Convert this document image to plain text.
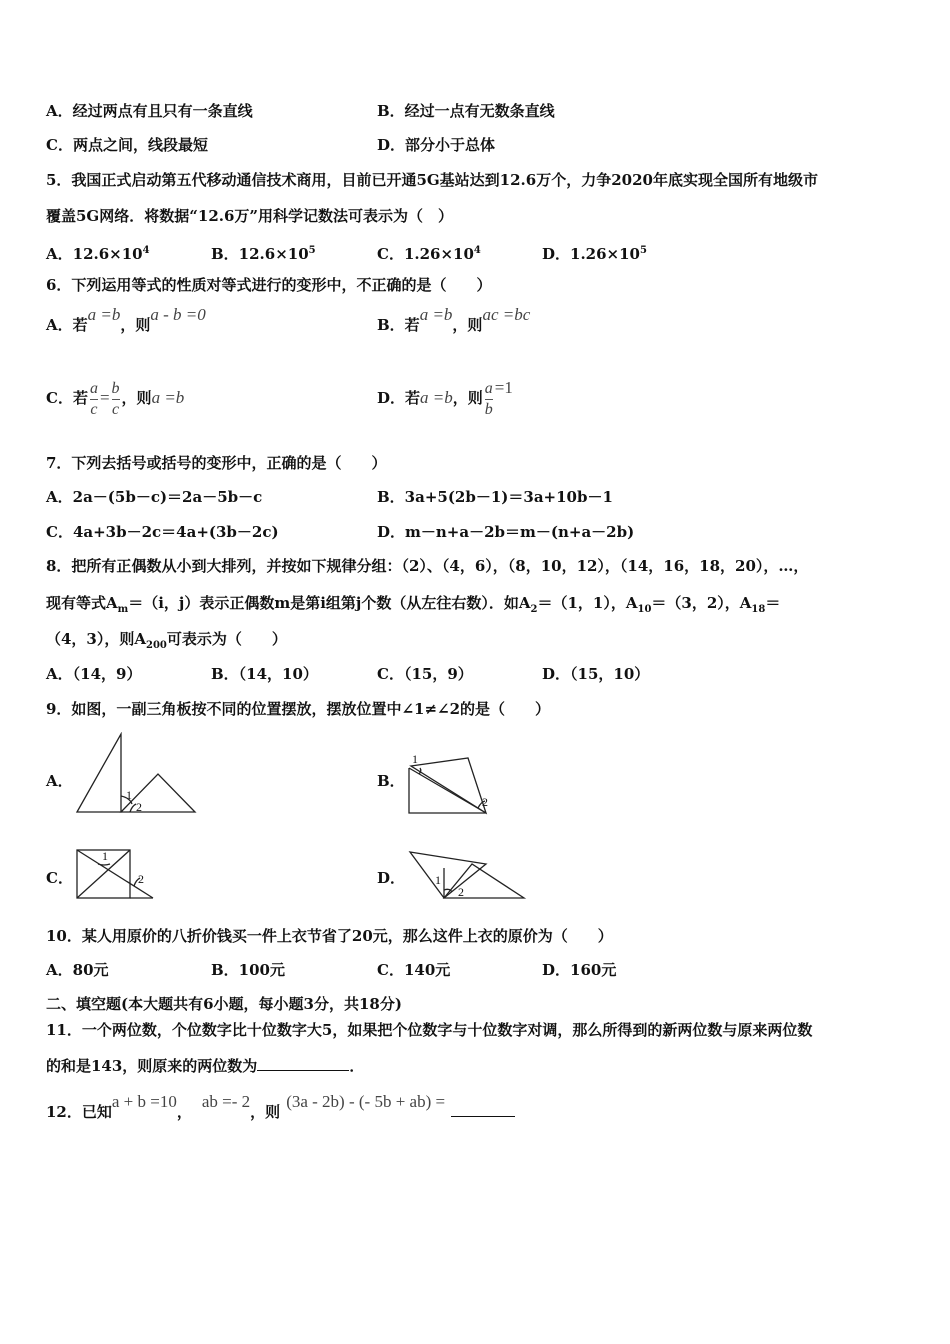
A．经过两点有且只有一条直线	B．经过一点有无数条直线
C．两点之间，线段最短	D．部分小于总体
5．我国正式启动第五代移动通信技术商用，目前已开通5G基站达到12.6万个，力争2020年底实现全国所有地级市
覆盖5G网络．将数据“12.6万”用科学记数法可表示为（　）
A．$12.6\times 10^4$	B．$12.6\times 10^5$	C．$1.26\times 10^4$	D．$1.26\times 10^5$
6．下列运用等式的性质对等式进行的变形中，不正确的是（　　）
A．若a =b，则a - b =0
B．若a =b，则ac =bc
C．若 $\frac{a}{c} = \frac{b}{c}$ ，则a =b	D．若a =b，则 $\frac{a}{b} =1$
7．下列去括号或括号的变形中，正确的是（　　）
A．2a－(5b－c)＝2a－5b－c	B．3a+5(2b－1)＝3a+10b－1
C．4a+3b－2c＝4a+(3b－2c)	D．m－n+a－2b＝m－(n+a－2b)
8．把所有正偶数从小到大排列，并按如下规律分组：（2）、（4，6），（8，10，12），（14，16，18，20），…，
现有等式$A_m=(i$，j）表示正偶数m是第i组第j个数（从左往右数）．如$A_2=(1$，1），$A_{10}=(3$，2），$A_{18}=$
（4，3），则$A_{200}$可表示为（　　）
A．（14，9）	B．（14，10）	C．（15，9）	D．（15，10）
9．如图，一副三角板按不同的位置摆放，摆放位置中∠1≠∠2的是（　　）
A．	B．
C．	D．
1
2
1
2
1
2	1
2
10．某人用原价的八折价钱买一件上衣节省了20元，那么这件上衣的原价为（　　）
A．80元	B．100元	C．140元	D．160元
二、填空题(本大题共有6小题，每小题3分，共18分)
11．一个两位数，个位数字比十位数字大5，如果把个位数字与十位数字对调，那么所得到的新两位数与原来两位数
的和是143，则原来的两位数为	．
12．已知a + b =10，ab =- 2，则(3a - 2b) - (- 5b + ab) =
